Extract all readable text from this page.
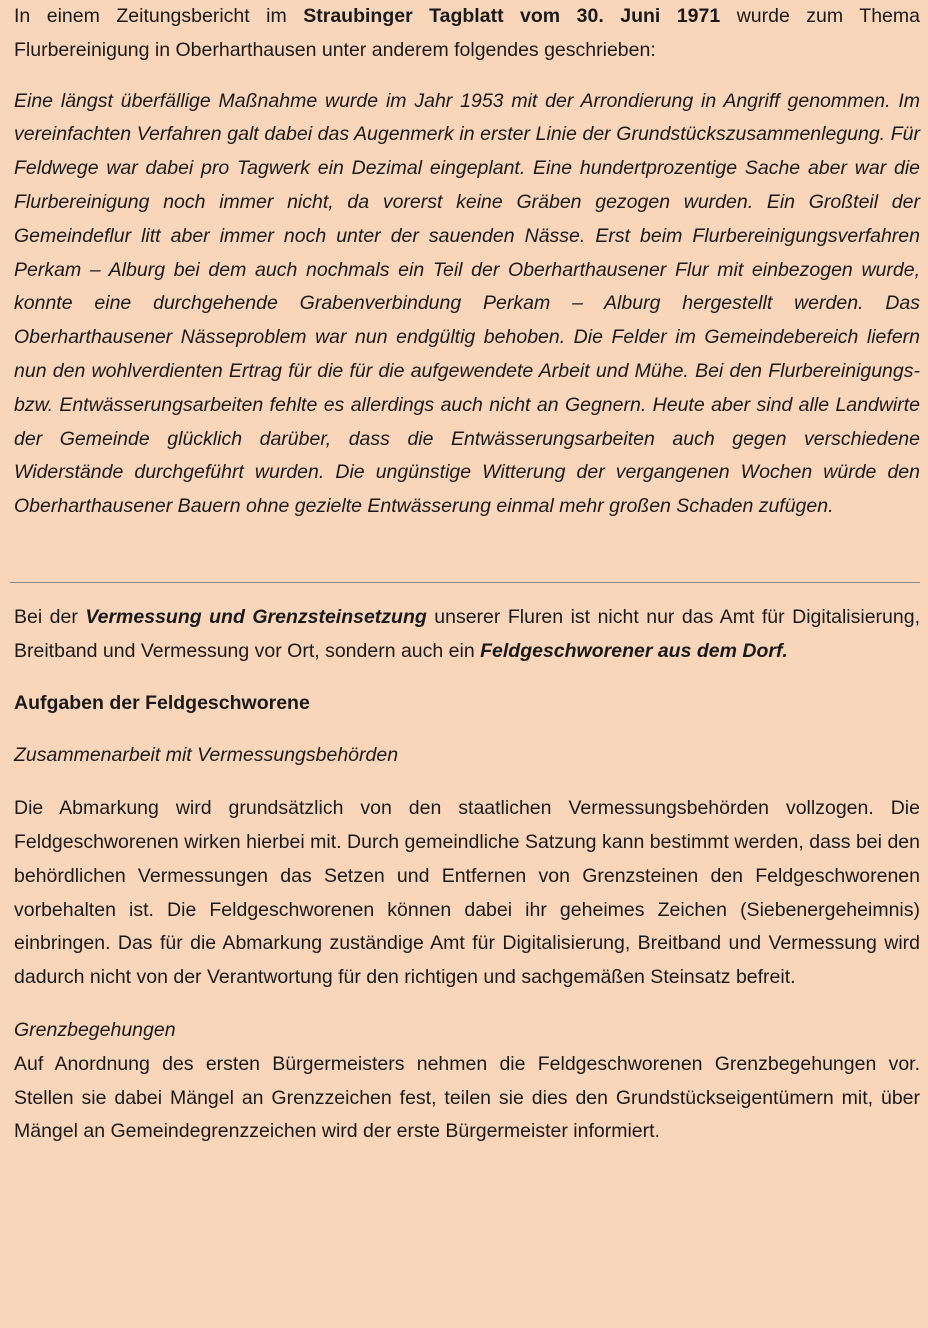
In einem Zeitungsbericht im Straubinger Tagblatt vom 30. Juni 1971 wurde zum Thema Flurbereinigung in Oberharthausen unter anderem folgendes geschrieben:

Eine längst überfällige Maßnahme wurde im Jahr 1953 mit der Arrondierung in Angriff genommen. Im vereinfachten Verfahren galt dabei das Augenmerk in erster Linie der Grundstückszusammenlegung. Für Feldwege war dabei pro Tagwerk ein Dezimal eingeplant. Eine hundertprozentige Sache aber war die Flurbereinigung noch immer nicht, da vorerst keine Gräben gezogen wurden. Ein Großteil der Gemeindeflur litt aber immer noch unter der sauenden Nässe. Erst beim Flurbereinigungsverfahren Perkam – Alburg bei dem auch nochmals ein Teil der Oberharthausener Flur mit einbezogen wurde, konnte eine durchgehende Grabenverbindung Perkam – Alburg hergestellt werden. Das Oberharthausener Nässeproblem war nun endgültig behoben. Die Felder im Gemeindebereich liefern nun den wohlverdienten Ertrag für die für die aufgewendete Arbeit und Mühe. Bei den Flurbereinigungs- bzw. Entwässerungsarbeiten fehlte es allerdings auch nicht an Gegnern. Heute aber sind alle Landwirte der Gemeinde glücklich darüber, dass die Entwässerungsarbeiten auch gegen verschiedene Widerstände durchgeführt wurden. Die ungünstige Witterung der vergangenen Wochen würde den Oberharthausener Bauern ohne gezielte Entwässerung einmal mehr großen Schaden zufügen.

Bei der Vermessung und Grenzsteinsetzung unserer Fluren ist nicht nur das Amt für Digitalisierung, Breitband und Vermessung vor Ort, sondern auch ein Feldgeschworener aus dem Dorf.

Aufgaben der Feldgeschworene

Zusammenarbeit mit Vermessungsbehörden

Die Abmarkung wird grundsätzlich von den staatlichen Vermessungsbehörden vollzogen. Die Feldgeschworenen wirken hierbei mit. Durch gemeindliche Satzung kann bestimmt werden, dass bei den behördlichen Vermessungen das Setzen und Entfernen von Grenzsteinen den Feldgeschworenen vorbehalten ist. Die Feldgeschworenen können dabei ihr geheimes Zeichen (Siebenergeheimnis) einbringen. Das für die Abmarkung zuständige Amt für Digitalisierung, Breitband und Vermessung wird dadurch nicht von der Verantwortung für den richtigen und sachgemäßen Steinsatz befreit.

Grenzbegehungen

Auf Anordnung des ersten Bürgermeisters nehmen die Feldgeschworenen Grenzbegehungen vor. Stellen sie dabei Mängel an Grenzzeichen fest, teilen sie dies den Grundstückseigentümern mit, über Mängel an Gemeindegrenzzeichen wird der erste Bürgermeister informiert.
